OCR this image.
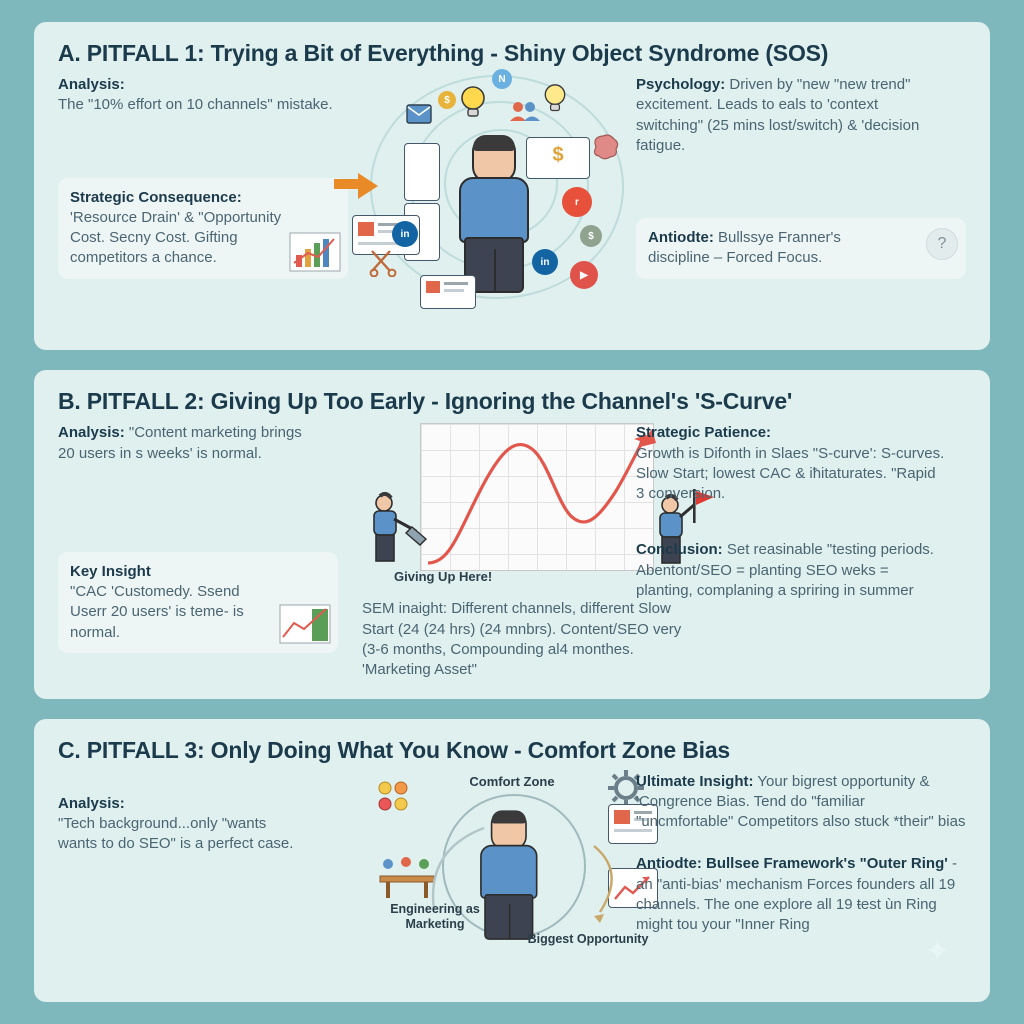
A. PITFALL 1: Trying a Bit of Everything - Shiny Object Syndrome (SOS)
Analysis:
The "10% effort on 10 channels" mistake.
Strategic Consequence:
'Resource Drain' & "Opportunity Cost. Secny Cost. Gifting competitors a chance.
N
$
in
in
r
▶
$
$
Psychology: Driven by "new "new trend" excitement. Leads to eals to 'context switching" (25 mins lost/switch) & 'decision fatigue.
Antiodte: Bullssye Franner's discipline – Forced Focus.
?
B. PITFALL 2: Giving Up Too Early - Ignoring the Channel's 'S-Curve'
Analysis: "Content marketing brings 20 users in s weeks' is normal.
Key Insight
"CAC 'Customedy. Ssend Userr 20 users' is teme- is normal.
Giving Up Here!
SEM inaight: Different channels, different Slow Start (24 (24 hrs) (24 mnbrs). Content/SEO very (3-6 months, Compounding al4 monthes. 'Marketing Asset"
Strategic Patience:
Growth is Difonth in Slaes "S-curve': S-curves. Slow Start; lowest CAC & iħitaturates. "Rapid 3 conversion.
Conclusion: Set reasinable "testing periods. Abentont/SEO = planting SEO weks = planting, complaning a spriring in summer
C. PITFALL 3: Only Doing What You Know - Comfort Zone Bias
Analysis:
"Tech background...only "wants wants to do SEO" is a perfect case.
Comfort Zone
Engineering as Marketing
Biggest Opportunity
Ultimate Insight: Your bigrest opportunity & 'Congrence Bias. Tend do "familiar "uncmfortable" Competitors also stuck *their" bias
Antiodte: Bullsee Framework's "Outer Ring' - an "anti-bias' mechanism Forces founders all 19 channels. The one explore all 19 ŧest ùn Ring might tou your "Inner Ring
✦
